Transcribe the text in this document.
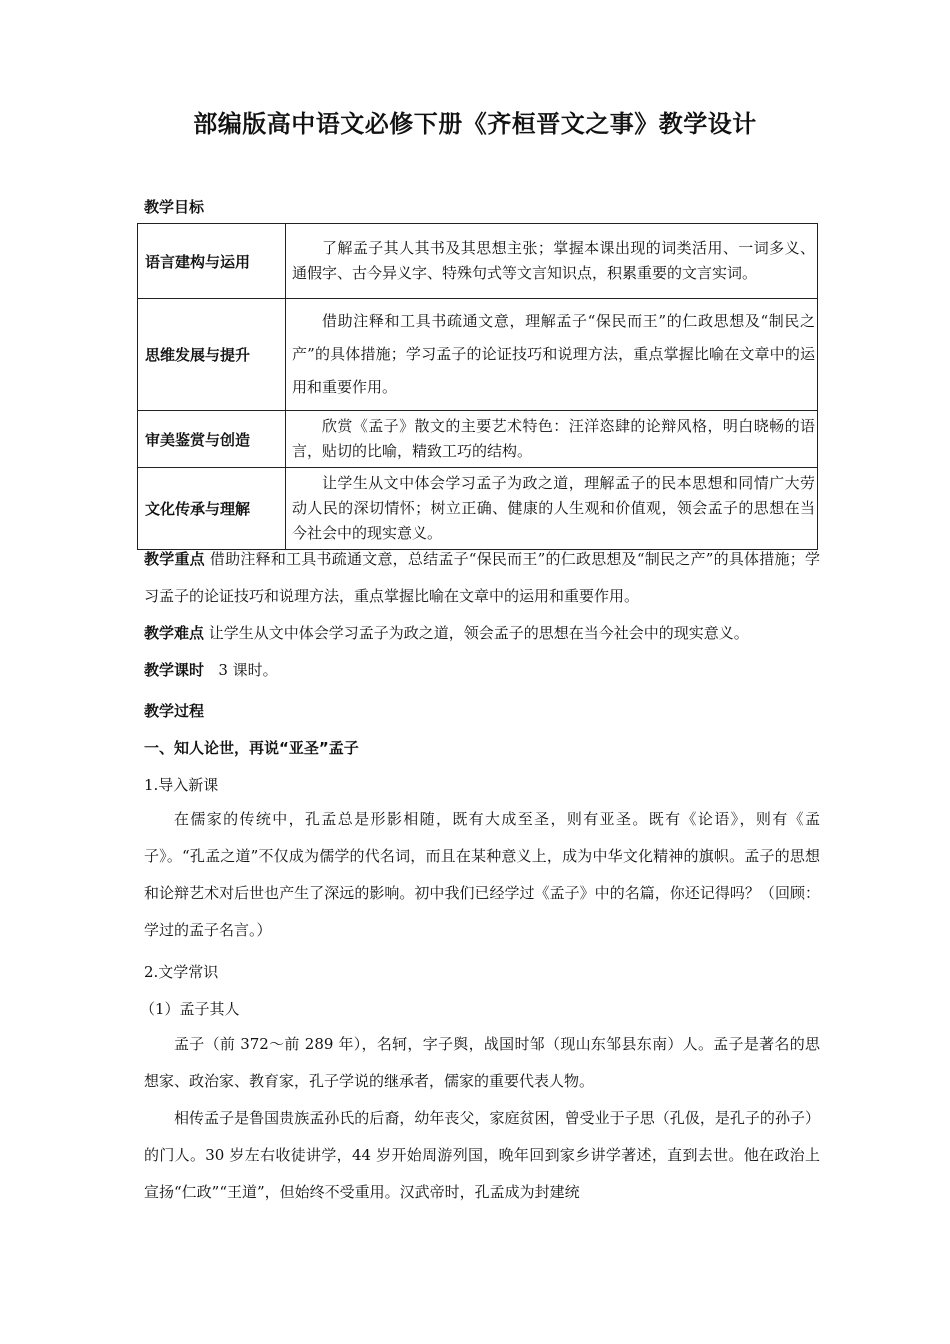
部编版高中语文必修下册《齐桓晋文之事》教学设计
教学目标
语言建构与运用	了解孟子其人其书及其思想主张；掌握本课出现的词类活用、一词多义、通假字、古今异义字、特殊句式等文言知识点，积累重要的文言实词。
思维发展与提升	借助注释和工具书疏通文意，理解孟子“保民而王”的仁政思想及“制民之产”的具体措施；学习孟子的论证技巧和说理方法，重点掌握比喻在文章中的运用和重要作用。
审美鉴赏与创造	欣赏《孟子》散文的主要艺术特色：汪洋恣肆的论辩风格，明白晓畅的语言，贴切的比喻，精致工巧的结构。
文化传承与理解	让学生从文中体会学习孟子为政之道，理解孟子的民本思想和同情广大劳动人民的深切情怀；树立正确、健康的人生观和价值观，领会孟子的思想在当今社会中的现实意义。
教学重点 借助注释和工具书疏通文意，总结孟子“保民而王”的仁政思想及“制民之产”的具体措施；学习孟子的论证技巧和说理方法，重点掌握比喻在文章中的运用和重要作用。
教学难点 让学生从文中体会学习孟子为政之道，领会孟子的思想在当今社会中的现实意义。
教学课时 3 课时。
教学过程
一、知人论世，再说“亚圣”孟子
1.导入新课
在儒家的传统中，孔孟总是形影相随，既有大成至圣，则有亚圣。既有《论语》，则有《孟子》。“孔孟之道”不仅成为儒学的代名词，而且在某种意义上，成为中华文化精神的旗帜。孟子的思想和论辩艺术对后世也产生了深远的影响。初中我们已经学过《孟子》中的名篇，你还记得吗？（回顾：学过的孟子名言。）
2.文学常识
（1）孟子其人
孟子（前 372～前 289 年），名轲，字子舆，战国时邹（现山东邹县东南）人。孟子是著名的思想家、政治家、教育家，孔子学说的继承者，儒家的重要代表人物。
相传孟子是鲁国贵族孟孙氏的后裔，幼年丧父，家庭贫困，曾受业于子思（孔伋，是孔子的孙子）的门人。30 岁左右收徒讲学，44 岁开始周游列国，晚年回到家乡讲学著述，直到去世。他在政治上宣扬“仁政”“王道”，但始终不受重用。汉武帝时，孔孟成为封建统
